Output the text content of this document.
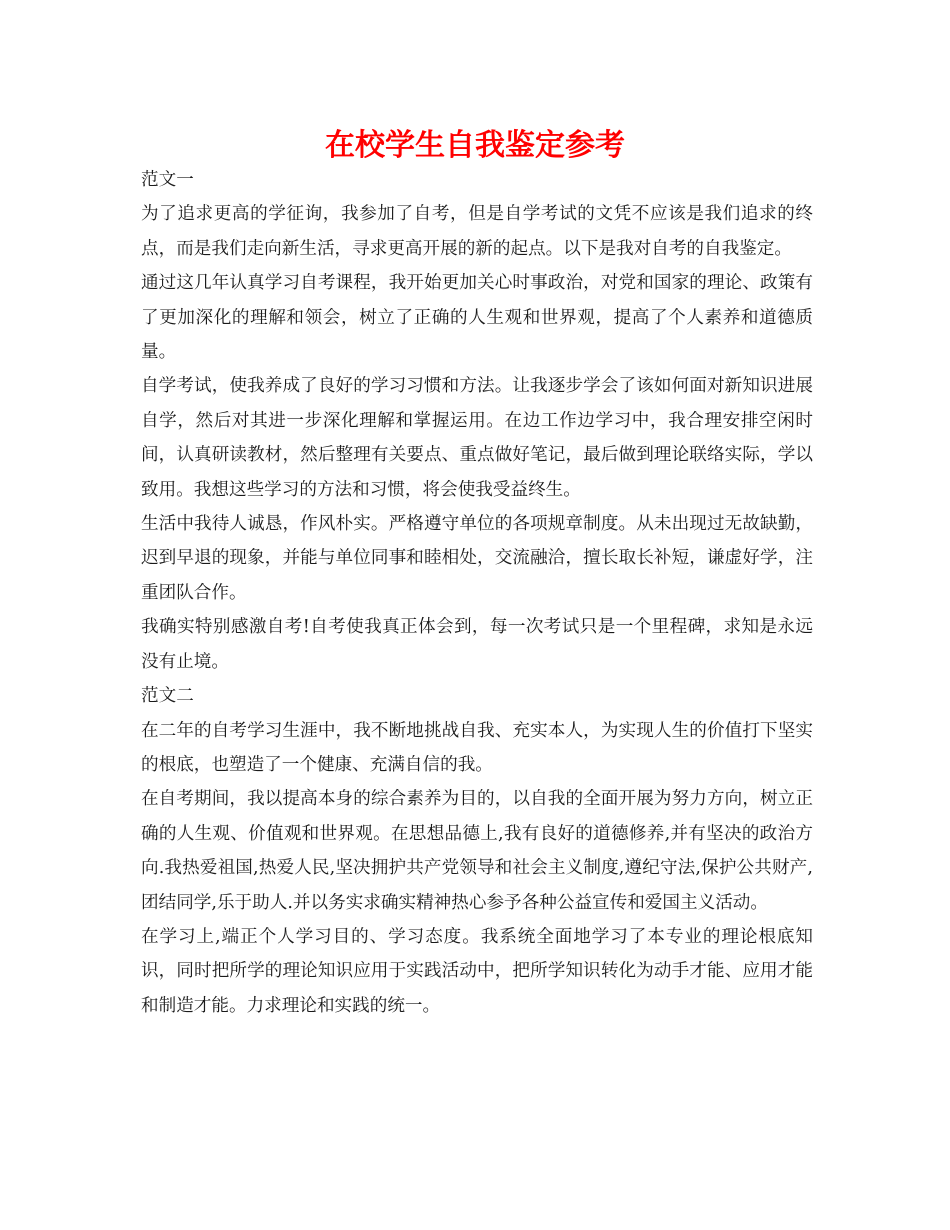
在校学生自我鉴定参考

范文一

为了追求更高的学征询，我参加了自考，但是自学考试的文凭不应该是我们追求的终点，而是我们走向新生活，寻求更高开展的新的起点。以下是我对自考的自我鉴定。

通过这几年认真学习自考课程，我开始更加关心时事政治，对党和国家的理论、政策有了更加深化的理解和领会，树立了正确的人生观和世界观，提高了个人素养和道德质量。

自学考试，使我养成了良好的学习习惯和方法。让我逐步学会了该如何面对新知识进展自学，然后对其进一步深化理解和掌握运用。在边工作边学习中，我合理安排空闲时间，认真研读教材，然后整理有关要点、重点做好笔记，最后做到理论联络实际，学以致用。我想这些学习的方法和习惯，将会使我受益终生。

生活中我待人诚恳，作风朴实。严格遵守单位的各项规章制度。从未出现过无故缺勤，迟到早退的现象，并能与单位同事和睦相处，交流融洽，擅长取长补短，谦虚好学，注重团队合作。

我确实特别感激自考!自考使我真正体会到，每一次考试只是一个里程碑，求知是永远没有止境。

范文二

在二年的自考学习生涯中，我不断地挑战自我、充实本人，为实现人生的价值打下坚实的根底，也塑造了一个健康、充满自信的我。

在自考期间，我以提高本身的综合素养为目的，以自我的全面开展为努力方向，树立正确的人生观、价值观和世界观。在思想品德上,我有良好的道德修养,并有坚决的政治方向.我热爱祖国,热爱人民,坚决拥护共产党领导和社会主义制度,遵纪守法,保护公共财产,团结同学,乐于助人.并以务实求确实精神热心参予各种公益宣传和爱国主义活动。

在学习上,端正个人学习目的、学习态度。我系统全面地学习了本专业的理论根底知识，同时把所学的理论知识应用于实践活动中，把所学知识转化为动手才能、应用才能和制造才能。力求理论和实践的统一。
